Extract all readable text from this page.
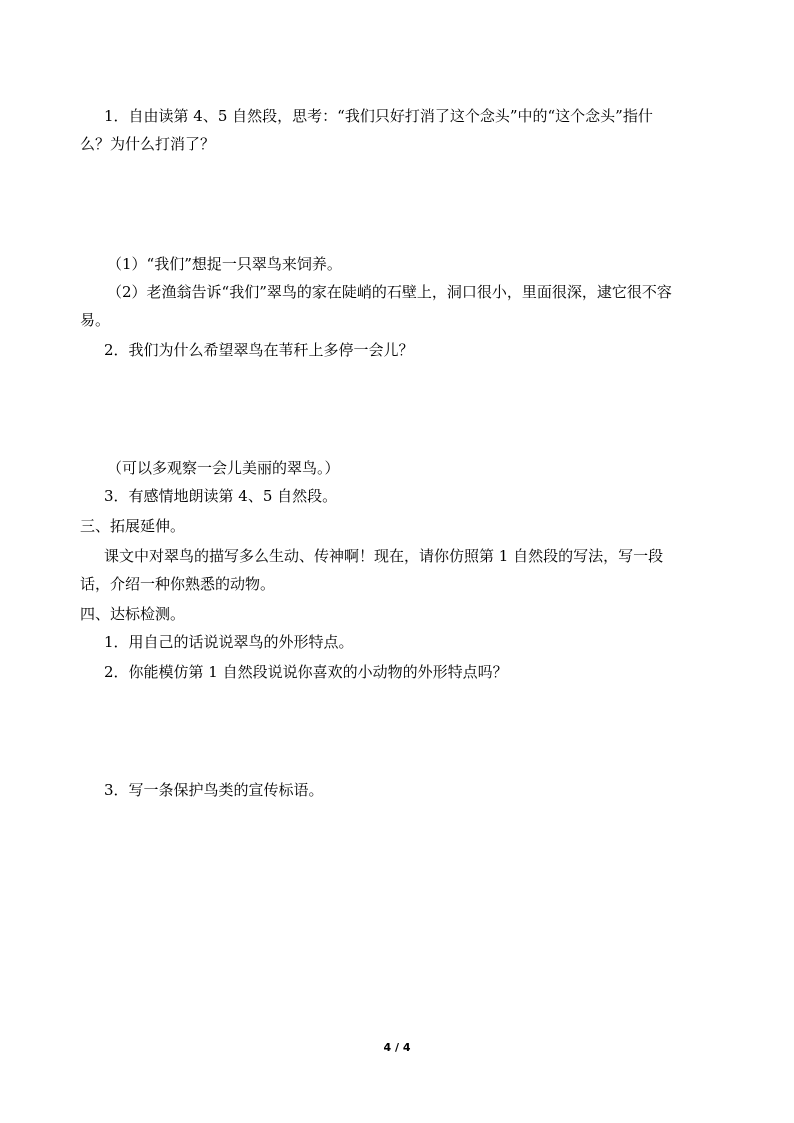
1．自由读第 4、5 自然段，思考：“我们只好打消了这个念头”中的“这个念头”指什
么？为什么打消了？
（1）“我们”想捉一只翠鸟来饲养。
（2）老渔翁告诉“我们”翠鸟的家在陡峭的石壁上，洞口很小，里面很深，逮它很不容
易。
2．我们为什么希望翠鸟在苇秆上多停一会儿？
（可以多观察一会儿美丽的翠鸟。）
3．有感情地朗读第 4、5 自然段。
三、拓展延伸。
课文中对翠鸟的描写多么生动、传神啊！现在，请你仿照第 1 自然段的写法，写一段
话，介绍一种你熟悉的动物。
四、达标检测。
1．用自己的话说说翠鸟的外形特点。
2．你能模仿第 1 自然段说说你喜欢的小动物的外形特点吗？
3．写一条保护鸟类的宣传标语。
4 / 4
